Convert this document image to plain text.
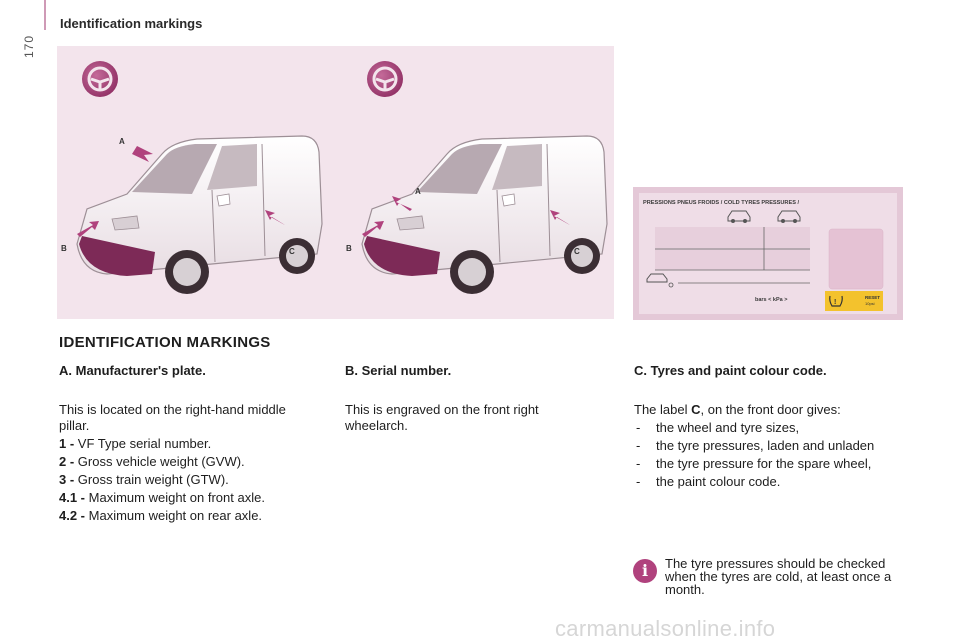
Identification markings
170
A
B	C
A
B	C
PRESSIONS PNEUS FROIDS / COLD TYRES PRESSURES /
bars < kPa >	!
RESET
10psi
IDENTIFICATION MARKINGS
A. Manufacturer's plate.

This is located on the right-hand middle pillar.

1 - VF Type serial number.

2 - Gross vehicle weight (GVW).

3 - Gross train weight (GTW).

4.1 - Maximum weight on front axle.

4.2 - Maximum weight on rear axle.

B. Serial number.

This is engraved on the front right wheelarch.

C. Tyres and paint colour code.

The label C, on the front door gives:

- the wheel and tyre sizes,
- the tyre pressures, laden and unladen
- the tyre pressure for the spare wheel,
- the paint colour code.
i	The tyre pressures should be checked when the tyres are cold, at least once a month.
carmanualsonline.info
